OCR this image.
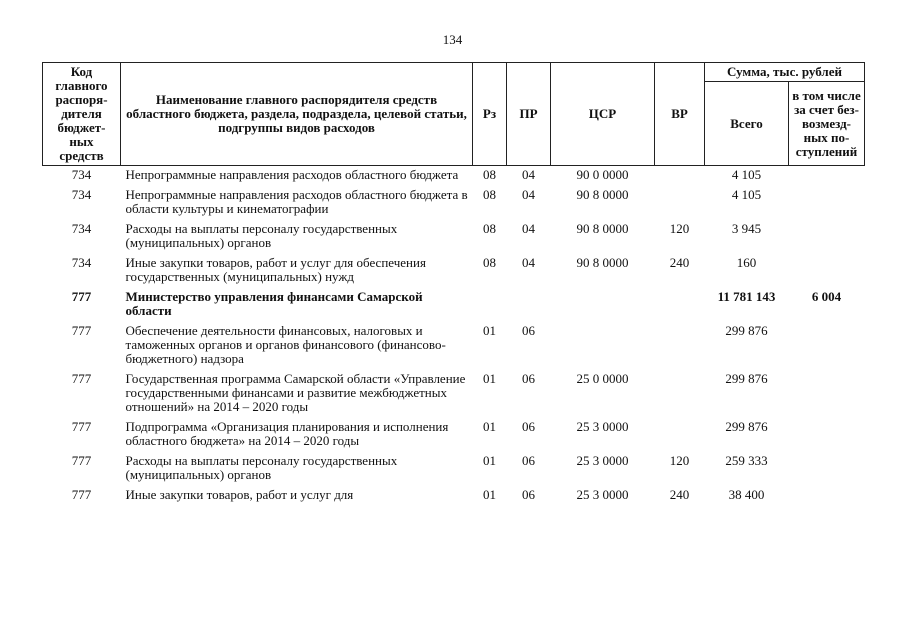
134
Код главного распоря-дителя бюджет-ных средств	Наименование главного распорядителя средств областного бюджета, раздела, подраздела, целевой статьи, подгруппы видов расходов	Рз	ПР	ЦСР	ВР	Сумма, тыс. рублей	
						Всего	в том числе за счет без-возмезд-ных по-ступлений
734	Непрограммные направления расходов областного бюджета	08	04	90 0 0000		4 105	
734	Непрограммные направления расходов областного бюджета в области культуры и кинематографии	08	04	90 8 0000		4 105	
734	Расходы на выплаты персоналу государственных (муниципальных) органов	08	04	90 8 0000	120	3 945	
734	Иные закупки товаров, работ и услуг для обеспечения государственных (муниципальных) нужд	08	04	90 8 0000	240	160	
777	Министерство управления финансами Самарской области					11 781 143	6 004
777	Обеспечение деятельности финансовых, налоговых и таможенных органов и органов финансового (финансово-бюджетного) надзора	01	06			299 876	
777	Государственная программа Самарской области «Управление государственными финансами и развитие межбюджетных отношений» на 2014 – 2020 годы	01	06	25 0 0000		299 876	
777	Подпрограмма «Организация планирования и исполнения областного бюджета» на 2014 – 2020 годы	01	06	25 3 0000		299 876	
777	Расходы на выплаты персоналу государственных (муниципальных) органов	01	06	25 3 0000	120	259 333	
777	Иные закупки товаров, работ и услуг для	01	06	25 3 0000	240	38 400	
